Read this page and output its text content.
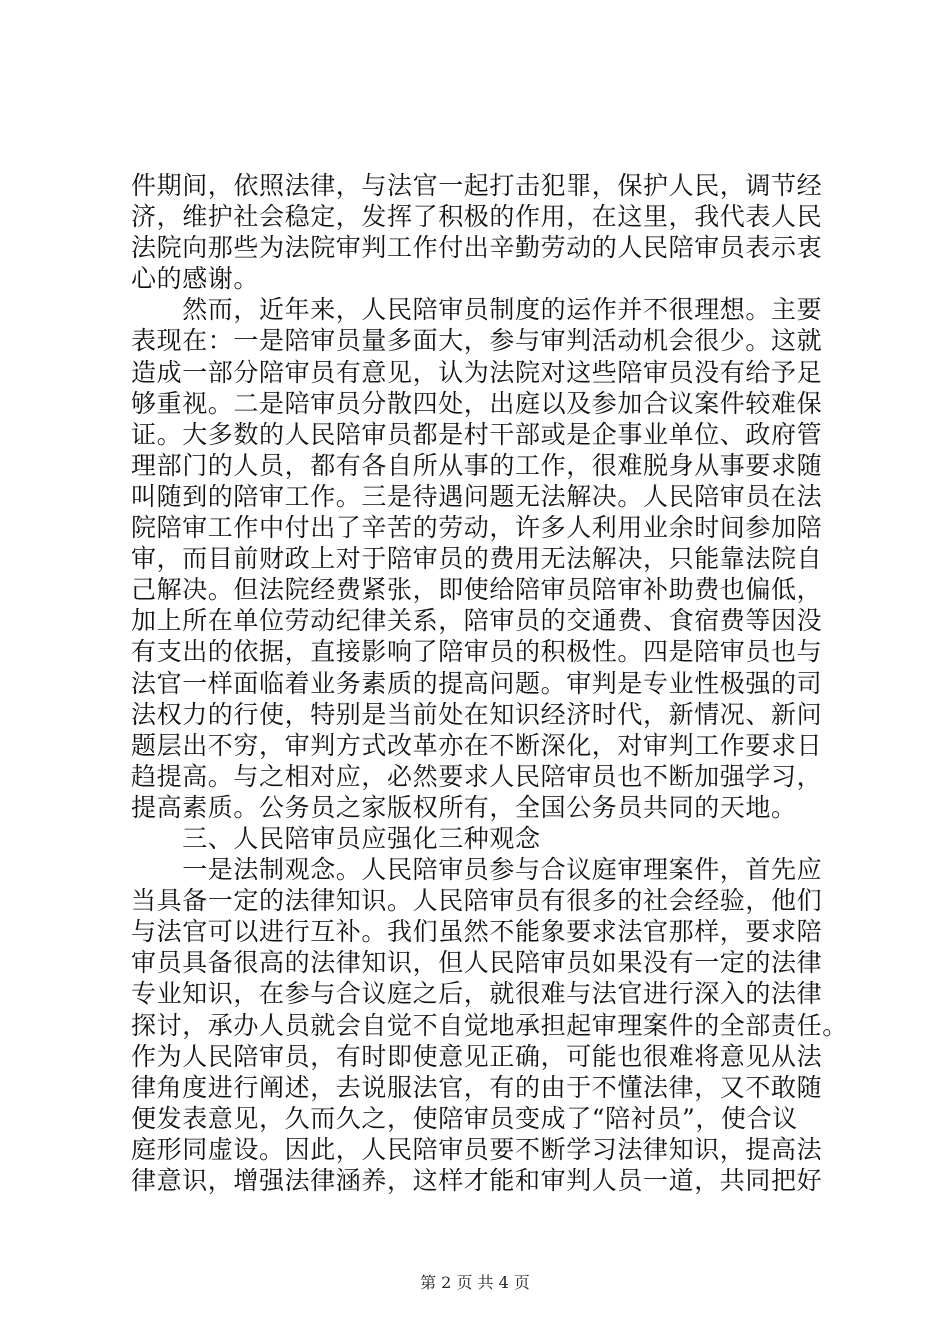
件期间，依照法律，与法官一起打击犯罪，保护人民，调节经
济，维护社会稳定，发挥了积极的作用，在这里，我代表人民
法院向那些为法院审判工作付出辛勤劳动的人民陪审员表示衷
心的感谢。
　　然而，近年来，人民陪审员制度的运作并不很理想。主要
表现在：一是陪审员量多面大，参与审判活动机会很少。这就
造成一部分陪审员有意见，认为法院对这些陪审员没有给予足
够重视。二是陪审员分散四处，出庭以及参加合议案件较难保
证。大多数的人民陪审员都是村干部或是企事业单位、政府管
理部门的人员，都有各自所从事的工作，很难脱身从事要求随
叫随到的陪审工作。三是待遇问题无法解决。人民陪审员在法
院陪审工作中付出了辛苦的劳动，许多人利用业余时间参加陪
审，而目前财政上对于陪审员的费用无法解决，只能靠法院自
己解决。但法院经费紧张，即使给陪审员陪审补助费也偏低，
加上所在单位劳动纪律关系，陪审员的交通费、食宿费等因没
有支出的依据，直接影响了陪审员的积极性。四是陪审员也与
法官一样面临着业务素质的提高问题。审判是专业性极强的司
法权力的行使，特别是当前处在知识经济时代，新情况、新问
题层出不穷，审判方式改革亦在不断深化，对审判工作要求日
趋提高。与之相对应，必然要求人民陪审员也不断加强学习，
提高素质。公务员之家版权所有，全国公务员共同的天地。
　　三、人民陪审员应强化三种观念
　　一是法制观念。人民陪审员参与合议庭审理案件，首先应
当具备一定的法律知识。人民陪审员有很多的社会经验，他们
与法官可以进行互补。我们虽然不能象要求法官那样，要求陪
审员具备很高的法律知识，但人民陪审员如果没有一定的法律
专业知识，在参与合议庭之后，就很难与法官进行深入的法律
探讨，承办人员就会自觉不自觉地承担起审理案件的全部责任。
作为人民陪审员，有时即使意见正确，可能也很难将意见从法
律角度进行阐述，去说服法官，有的由于不懂法律，又不敢随
便发表意见，久而久之，使陪审员变成了“陪衬员”，使合议
庭形同虚设。因此，人民陪审员要不断学习法律知识，提高法
律意识，增强法律涵养，这样才能和审判人员一道，共同把好
第 2 页 共 4 页
